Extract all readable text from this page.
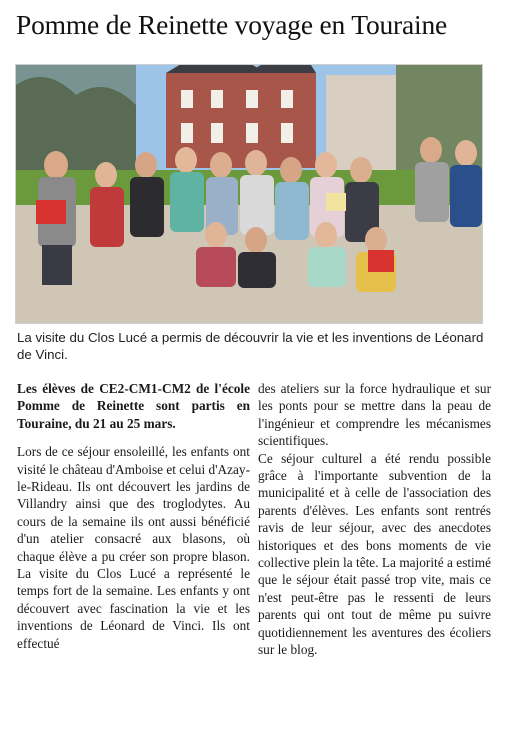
Pomme de Reinette voyage en Touraine
La visite du Clos Lucé a permis de découvrir la vie et les inventions de Léonard de Vinci.

Les élèves de CE2-CM1-CM2 de l'école Pomme de Reinette sont partis en Touraine, du 21 au 25 mars.

Lors de ce séjour ensoleillé, les enfants ont visité le château d'Amboise et celui d'Azay-le-Rideau. Ils ont découvert les jardins de Villandry ainsi que des troglodytes. Au cours de la semaine ils ont aussi bénéficié d'un atelier consacré aux blasons, où chaque élève a pu créer son propre blason. La visite du Clos Lucé a représenté le temps fort de la semaine. Les enfants y ont découvert avec fascination la vie et les inventions de Léonard de Vinci. Ils ont effectué

des ateliers sur la force hydraulique et sur les ponts pour se mettre dans la peau de l'ingénieur et comprendre les mécanismes scientifiques.

Ce séjour culturel a été rendu possible grâce à l'importante subvention de la municipalité et à celle de l'association des parents d'élèves. Les enfants sont rentrés ravis de leur séjour, avec des anecdotes historiques et des bons moments de vie collective plein la tête. La majorité a estimé que le séjour était passé trop vite, mais ce n'est peut-être pas le ressenti de leurs parents qui ont tout de même pu suivre quotidiennement les aventures des écoliers sur le blog.
